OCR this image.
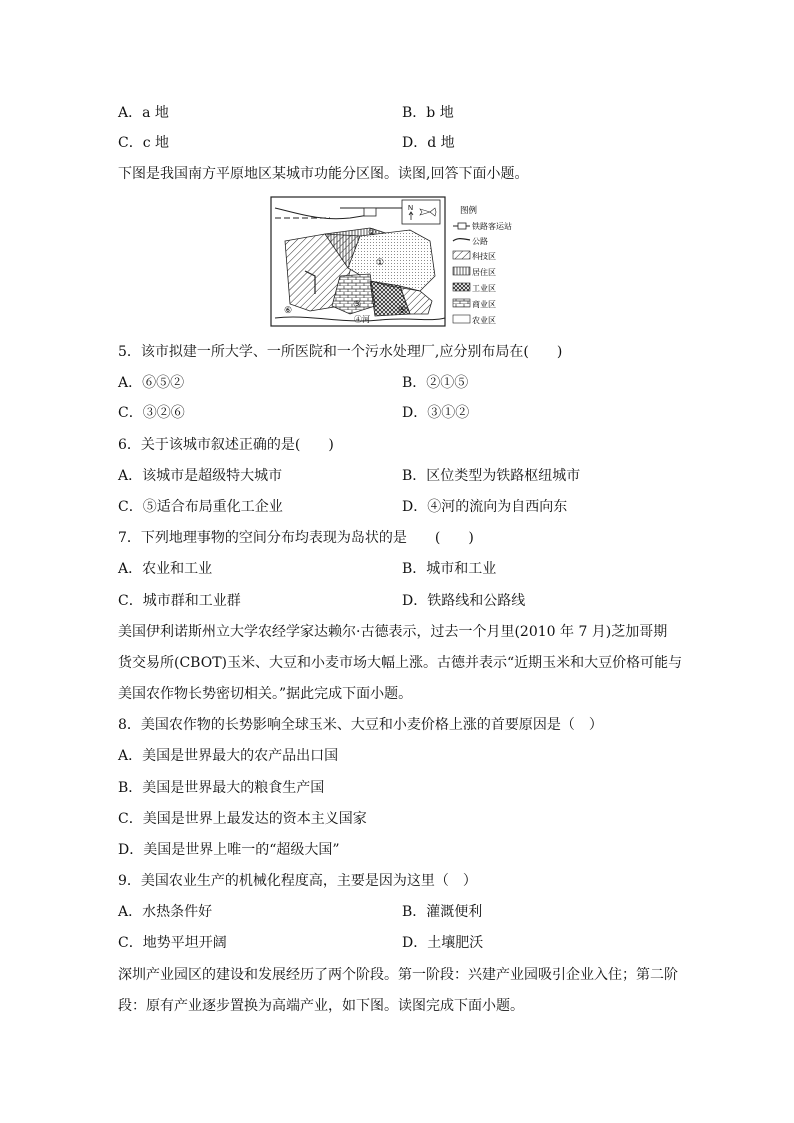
A．a 地	B．b 地
C．c 地	D．d 地
下图是我国南方平原地区某城市功能分区图。读图,回答下面小题。
N
②
①
③
④河
⑤
⑥
图例
铁路客运站
公路
科技区
居住区
工业区
商业区
农业区
5．该市拟建一所大学、一所医院和一个污水处理厂,应分别布局在(　　)
A．⑥⑤②	B．②①⑤
C．③②⑥	D．③①②
6．关于该城市叙述正确的是(　　)
A．该城市是超级特大城市	B．区位类型为铁路枢纽城市
C．⑤适合布局重化工企业	D．④河的流向为自西向东
7．下列地理事物的空间分布均表现为岛状的是　　(　　)
A．农业和工业	B．城市和工业
C．城市群和工业群	D．铁路线和公路线
美国伊利诺斯州立大学农经学家达赖尔·古德表示，过去一个月里(2010 年 7 月)芝加哥期
货交易所(CBOT)玉米、大豆和小麦市场大幅上涨。古德并表示“近期玉米和大豆价格可能与
美国农作物长势密切相关。”据此完成下面小题。
8．美国农作物的长势影响全球玉米、大豆和小麦价格上涨的首要原因是（　）
A．美国是世界最大的农产品出口国
B．美国是世界最大的粮食生产国
C．美国是世界上最发达的资本主义国家
D．美国是世界上唯一的“超级大国”
9．美国农业生产的机械化程度高，主要是因为这里（　）
A．水热条件好	B．灌溉便利
C．地势平坦开阔	D．土壤肥沃
深圳产业园区的建设和发展经历了两个阶段。第一阶段：兴建产业园吸引企业入住；第二阶
段：原有产业逐步置换为高端产业，如下图。读图完成下面小题。
